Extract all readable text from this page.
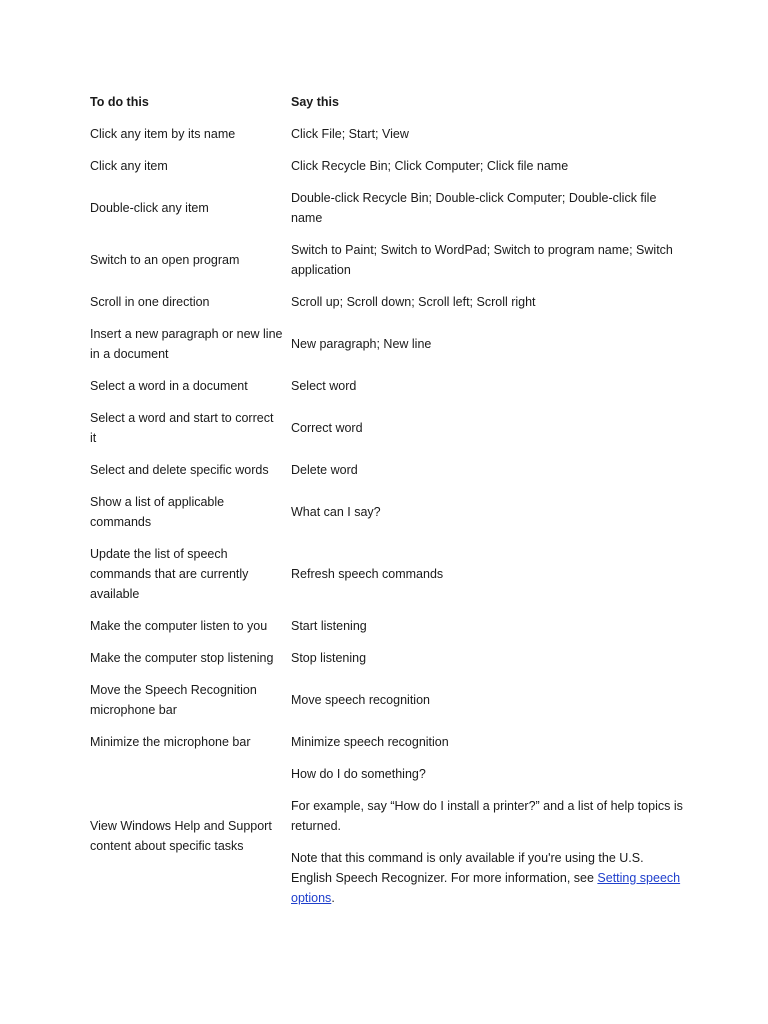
To do this	Say this
Click any item by its name	Click File; Start; View
Click any item	Click Recycle Bin; Click Computer; Click file name
Double-click any item	Double-click Recycle Bin; Double-click Computer; Double-click file name
Switch to an open program	Switch to Paint; Switch to WordPad; Switch to program name; Switch application
Scroll in one direction	Scroll up; Scroll down; Scroll left; Scroll right
Insert a new paragraph or new line in a document	New paragraph; New line
Select a word in a document	Select word
Select a word and start to correct it	Correct word
Select and delete specific words	Delete word
Show a list of applicable commands	What can I say?
Update the list of speech commands that are currently available	Refresh speech commands
Make the computer listen to you	Start listening
Make the computer stop listening	Stop listening
Move the Speech Recognition microphone bar	Move speech recognition
Minimize the microphone bar	Minimize speech recognition
View Windows Help and Support content about specific tasks	How do I do something?
For example, say “How do I install a printer?” and a list of help topics is returned.
Note that this command is only available if you're using the U.S. English Speech Recognizer. For more information, see Setting speech options.
